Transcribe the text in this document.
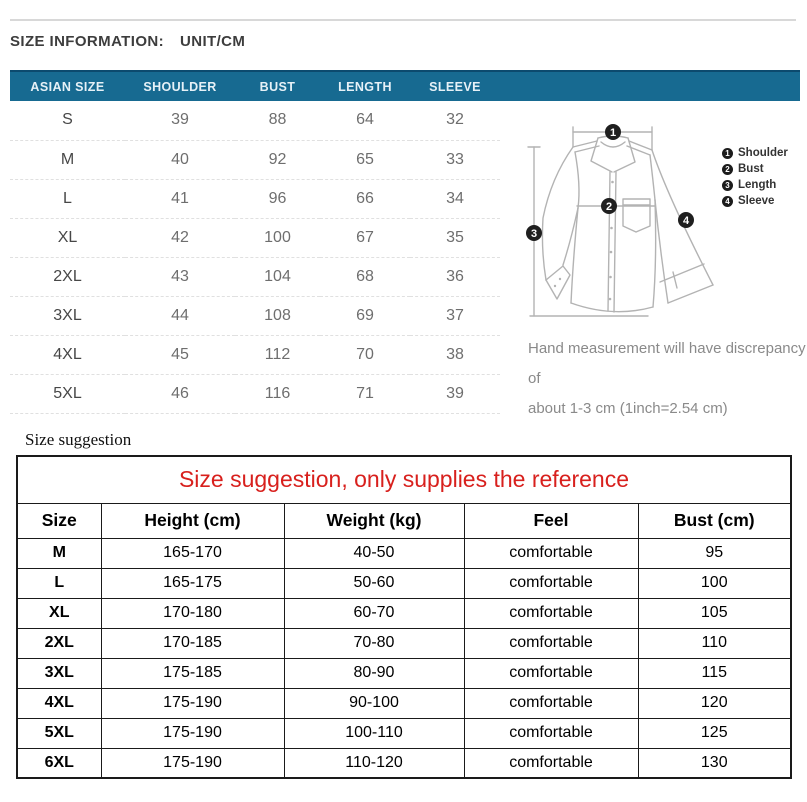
SIZE INFORMATION: UNIT/CM
ASIAN SIZE	SHOULDER	BUST	LENGTH	SLEEVE
S	39	88	64	32
M	40	92	65	33
L	41	96	66	34
XL	42	100	67	35
2XL	43	104	68	36
3XL	44	108	69	37
4XL	45	112	70	38
5XL	46	116	71	39
1
2
3
4
1 Shoulder
2 Bust
3 Length
4 Sleeve
Hand measurement will have discrepancy of
about 1-3 cm (1inch=2.54 cm)
Size suggestion
Size suggestion, only supplies the reference				
Size	Height (cm)	Weight (kg)	Feel	Bust (cm)
M	165-170	40-50	comfortable	95
L	165-175	50-60	comfortable	100
XL	170-180	60-70	comfortable	105
2XL	170-185	70-80	comfortable	110
3XL	175-185	80-90	comfortable	115
4XL	175-190	90-100	comfortable	120
5XL	175-190	100-110	comfortable	125
6XL	175-190	110-120	comfortable	130
